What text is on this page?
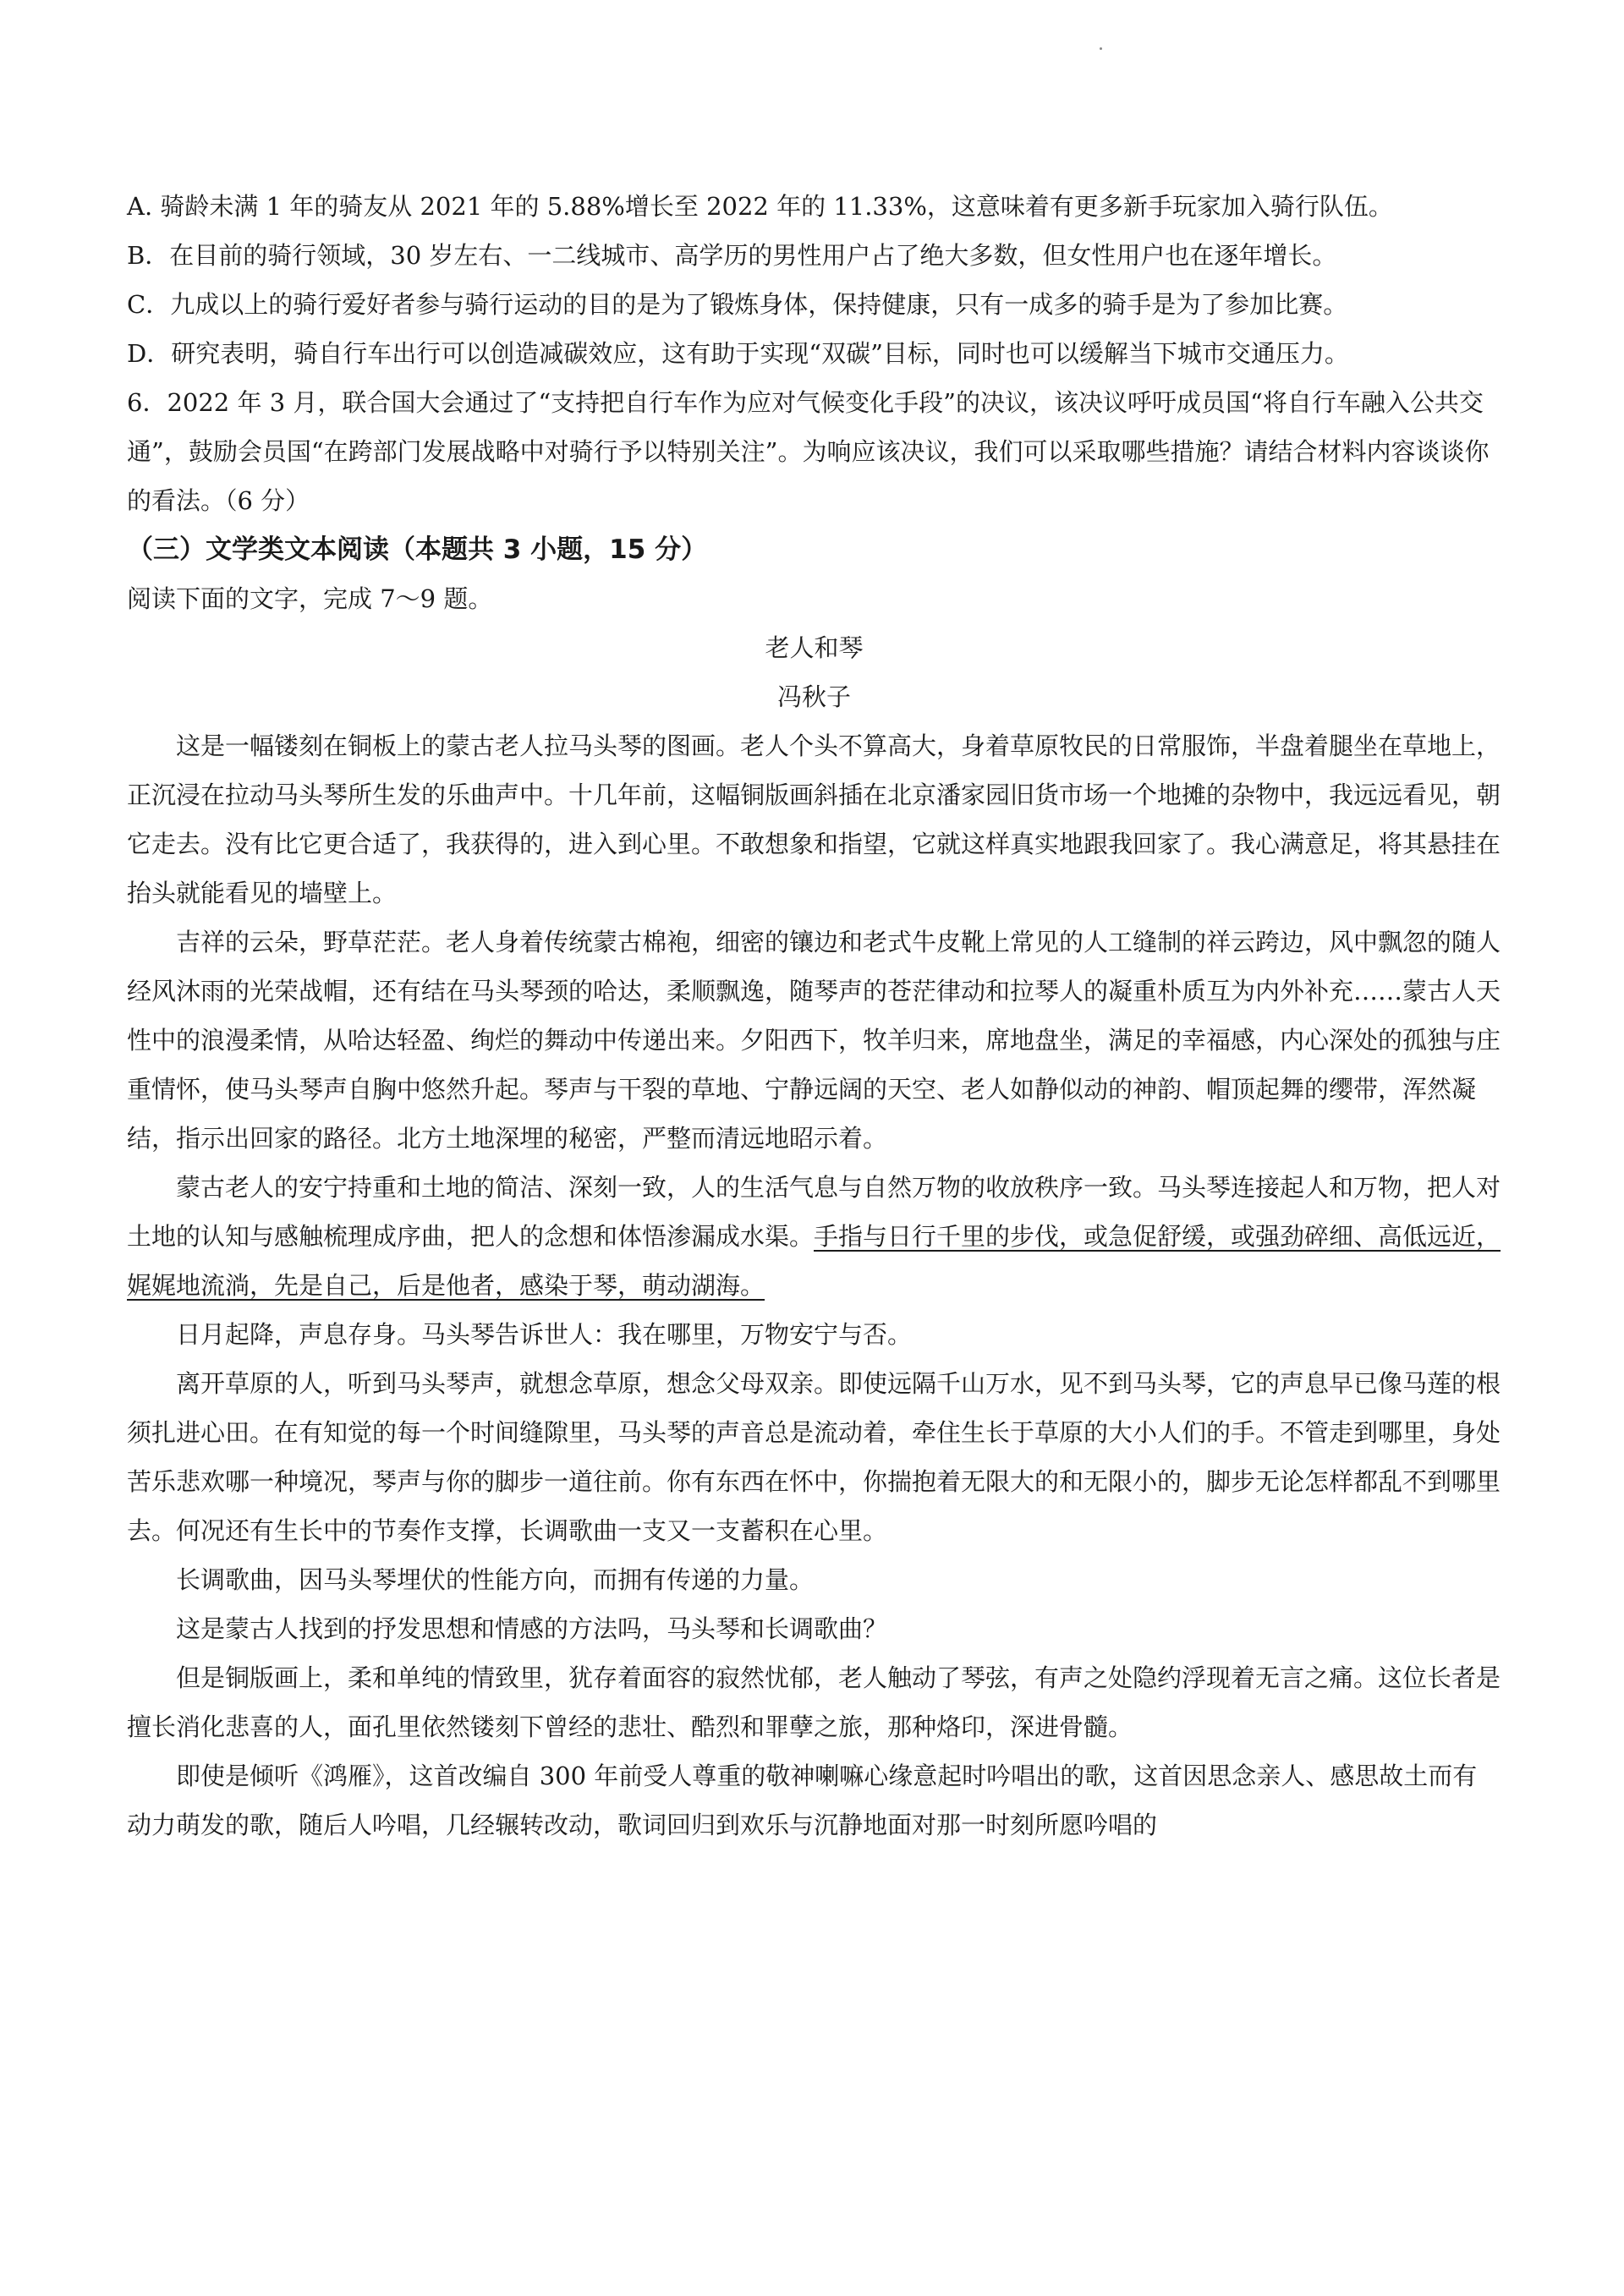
A. 骑龄未满 1 年的骑友从 2021 年的 5.88%增长至 2022 年的 11.33%，这意味着有更多新手玩家加入骑行队伍。

B．在目前的骑行领域，30 岁左右、一二线城市、高学历的男性用户占了绝大多数，但女性用户也在逐年增长。

C．九成以上的骑行爱好者参与骑行运动的目的是为了锻炼身体，保持健康，只有一成多的骑手是为了参加比赛。

D．研究表明，骑自行车出行可以创造减碳效应，这有助于实现“双碳”目标，同时也可以缓解当下城市交通压力。

6．2022 年 3 月，联合国大会通过了“支持把自行车作为应对气候变化手段”的决议，该决议呼吁成员国“将自行车融入公共交通”，鼓励会员国“在跨部门发展战略中对骑行予以特别关注”。为响应该决议，我们可以采取哪些措施？请结合材料内容谈谈你的看法。（6 分）

（三）文学类文本阅读（本题共 3 小题，15 分）

阅读下面的文字，完成 7～9 题。

老人和琴

冯秋子

这是一幅镂刻在铜板上的蒙古老人拉马头琴的图画。老人个头不算高大，身着草原牧民的日常服饰，半盘着腿坐在草地上，正沉浸在拉动马头琴所生发的乐曲声中。十几年前，这幅铜版画斜插在北京潘家园旧货市场一个地摊的杂物中，我远远看见，朝它走去。没有比它更合适了，我获得的，进入到心里。不敢想象和指望，它就这样真实地跟我回家了。我心满意足，将其悬挂在抬头就能看见的墙壁上。

吉祥的云朵，野草茫茫。老人身着传统蒙古棉袍，细密的镶边和老式牛皮靴上常见的人工缝制的祥云跨边，风中飘忽的随人经风沐雨的光荣战帽，还有结在马头琴颈的哈达，柔顺飘逸，随琴声的苍茫律动和拉琴人的凝重朴质互为内外补充……蒙古人天性中的浪漫柔情，从哈达轻盈、绚烂的舞动中传递出来。夕阳西下，牧羊归来，席地盘坐，满足的幸福感，内心深处的孤独与庄重情怀，使马头琴声自胸中悠然升起。琴声与干裂的草地、宁静远阔的天空、老人如静似动的神韵、帽顶起舞的缨带，浑然凝结，指示出回家的路径。北方土地深埋的秘密，严整而清远地昭示着。

蒙古老人的安宁持重和土地的简洁、深刻一致，人的生活气息与自然万物的收放秩序一致。马头琴连接起人和万物，把人对土地的认知与感触梳理成序曲，把人的念想和体悟渗漏成水渠。手指与日行千里的步伐，或急促舒缓，或强劲碎细、高低远近，娓娓地流淌，先是自己，后是他者，感染于琴，萌动湖海。

日月起降，声息存身。马头琴告诉世人：我在哪里，万物安宁与否。

离开草原的人，听到马头琴声，就想念草原，想念父母双亲。即使远隔千山万水，见不到马头琴，它的声息早已像马莲的根须扎进心田。在有知觉的每一个时间缝隙里，马头琴的声音总是流动着，牵住生长于草原的大小人们的手。不管走到哪里，身处苦乐悲欢哪一种境况，琴声与你的脚步一道往前。你有东西在怀中，你揣抱着无限大的和无限小的，脚步无论怎样都乱不到哪里去。何况还有生长中的节奏作支撑，长调歌曲一支又一支蓄积在心里。

长调歌曲，因马头琴埋伏的性能方向，而拥有传递的力量。

这是蒙古人找到的抒发思想和情感的方法吗，马头琴和长调歌曲？

但是铜版画上，柔和单纯的情致里，犹存着面容的寂然忧郁，老人触动了琴弦，有声之处隐约浮现着无言之痛。这位长者是擅长消化悲喜的人，面孔里依然镂刻下曾经的悲壮、酷烈和罪孽之旅，那种烙印，深进骨髓。

即使是倾听《鸿雁》，这首改编自 300 年前受人尊重的敬神喇嘛心缘意起时吟唱出的歌，这首因思念亲人、感思故土而有动力萌发的歌，随后人吟唱，几经辗转改动，歌词回归到欢乐与沉静地面对那一时刻所愿吟唱的
